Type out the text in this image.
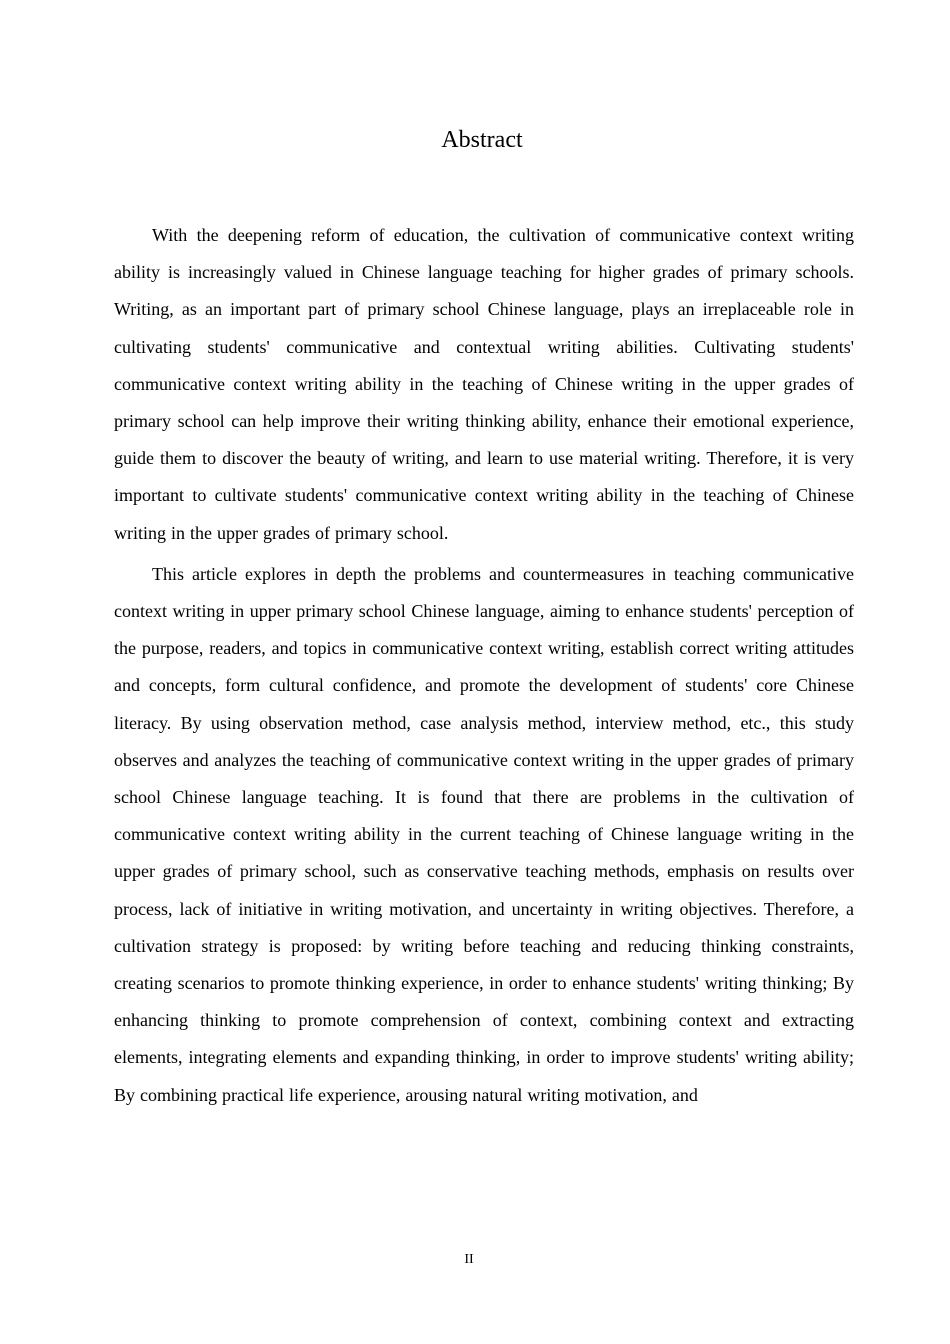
Abstract

With the deepening reform of education, the cultivation of communicative context writing ability is increasingly valued in Chinese language teaching for higher grades of primary schools. Writing, as an important part of primary school Chinese language, plays an irreplaceable role in cultivating students' communicative and contextual writing abilities. Cultivating students' communicative context writing ability in the teaching of Chinese writing in the upper grades of primary school can help improve their writing thinking ability, enhance their emotional experience, guide them to discover the beauty of writing, and learn to use material writing. Therefore, it is very important to cultivate students' communicative context writing ability in the teaching of Chinese writing in the upper grades of primary school.

This article explores in depth the problems and countermeasures in teaching communicative context writing in upper primary school Chinese language, aiming to enhance students' perception of the purpose, readers, and topics in communicative context writing, establish correct writing attitudes and concepts, form cultural confidence, and promote the development of students' core Chinese literacy. By using observation method, case analysis method, interview method, etc., this study observes and analyzes the teaching of communicative context writing in the upper grades of primary school Chinese language teaching. It is found that there are problems in the cultivation of communicative context writing ability in the current teaching of Chinese language writing in the upper grades of primary school, such as conservative teaching methods, emphasis on results over process, lack of initiative in writing motivation, and uncertainty in writing objectives. Therefore, a cultivation strategy is proposed: by writing before teaching and reducing thinking constraints, creating scenarios to promote thinking experience, in order to enhance students' writing thinking; By enhancing thinking to promote comprehension of context, combining context and extracting elements, integrating elements and expanding thinking, in order to improve students' writing ability; By combining practical life experience, arousing natural writing motivation, and

II
